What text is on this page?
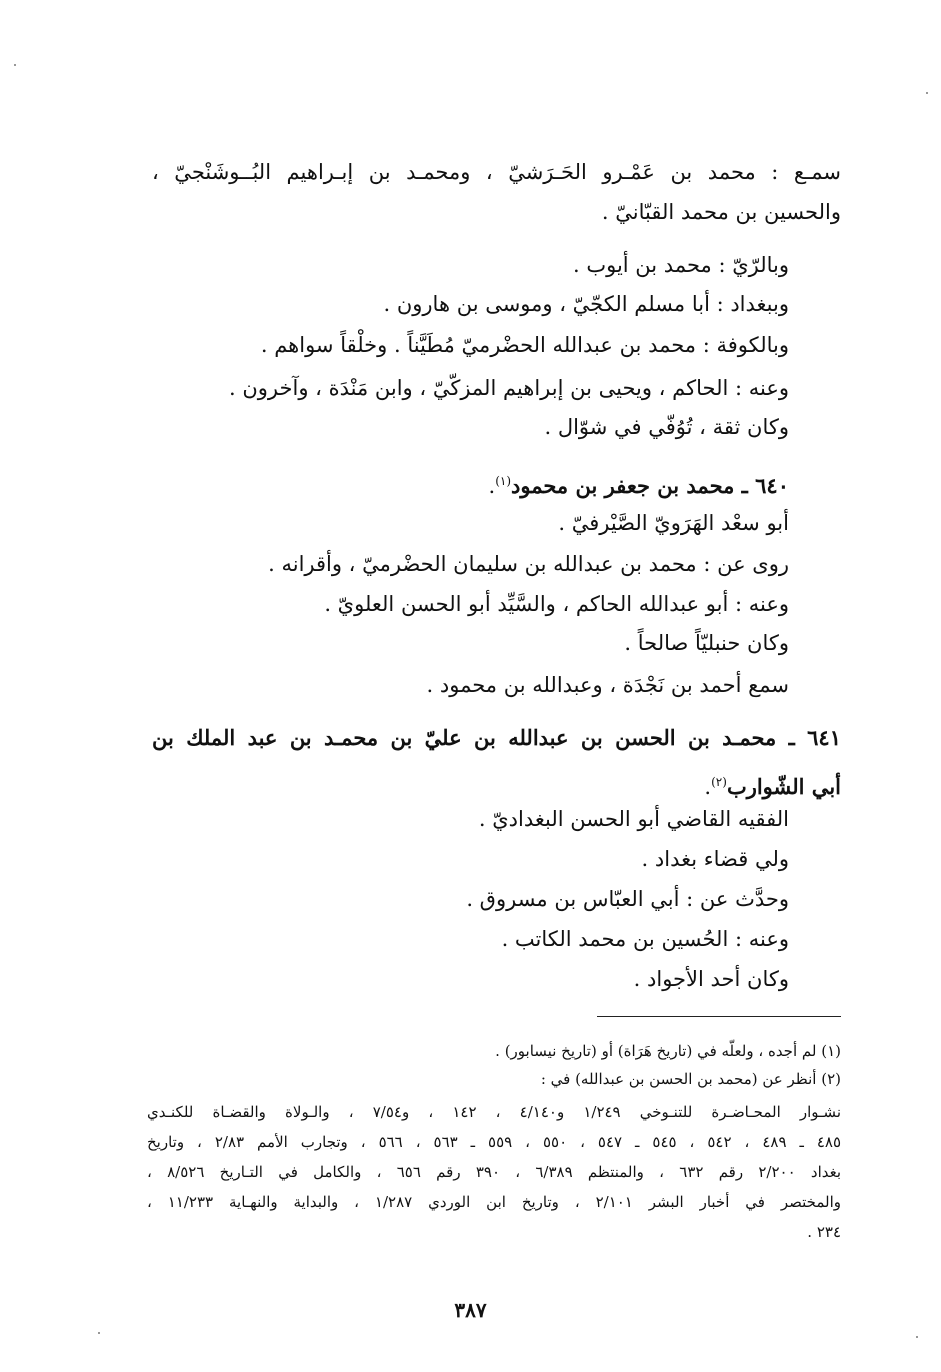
سمـع : محمد بن عَمْـرو الحَـرَشيّ ، ومحمـد بن إبـراهيم البُــوشَنْجيّ ،
والحسين بن محمد القبّانيّ .
وبالرّيّ : محمد بن أيوب .
وببغداد : أبا مسلم الكجّيّ ، وموسى بن هارون .
وبالكوفة : محمد بن عبدالله الحضْرميّ مُطَيَّناً . وخلْقاً سواهم .
وعنه : الحاكم ، ويحيى بن إبراهيم المزكّيّ ، وابن مَنْدَة ، وآخرون .
وكان ثقة ، تُوُفّي في شوّال .
٦٤٠ ـ محمد بن جعفر بن محمود$^{(١)}$.
أبو سعْد الهَرَويّ الصَّيْرفيّ .
روى عن : محمد بن عبدالله بن سليمان الحضْرميّ ، وأقرانه .
وعنه : أبو عبدالله الحاكم ، والسَّيِّد أبو الحسن العلويّ .
وكان حنبليّاً صالحاً .
سمع أحمد بن نَجْدَة ، وعبدالله بن محمود .
٦٤١ ـ محمـد بن الحسن بن عبدالله بن عليّ بن محمـد بن عبد الملك بن
أبي الشّوارب$^{(٢)}$.
الفقيه القاضي أبو الحسن البغداديّ .
ولي قضاء بغداد .
وحدَّث عن : أبي العبّاس بن مسروق .
وعنه : الحُسين بن محمد الكاتب .
وكان أحد الأجواد .
(١) لم أجده ، ولعلّه في (تاريخ هَرَاة) أو (تاريخ نيسابور) .
(٢) أنظر عن (محمد بن الحسن بن عبدالله) في :
نشـوار المحـاضـرة للتنـوخي ١/٢٤٩ و٤/١٤٠ ، ١٤٢ ، و٧/٥٤ ، والـولاة والقضـاة للكنـدي
٤٨٥ ـ ٤٨٩ ، ٥٤٢ ، ٥٤٥ ـ ٥٤٧ ، ٥٥٠ ، ٥٥٩ ـ ٥٦٣ ، ٥٦٦ ، وتجارب الأمم ٢/٨٣ ، وتاريخ
بغداد ٢/٢٠٠ رقم ٦٣٢ ، والمنتظم ٦/٣٨٩ ، ٣٩٠ رقم ٦٥٦ ، والكامل في التـاريخ ٨/٥٢٦ ،
والمختصر في أخبار البشر ٢/١٠١ ، وتاريخ ابن الوردي ١/٢٨٧ ، والبداية والنهـاية ١١/٢٣٣ ،
٢٣٤ .
٣٨٧
